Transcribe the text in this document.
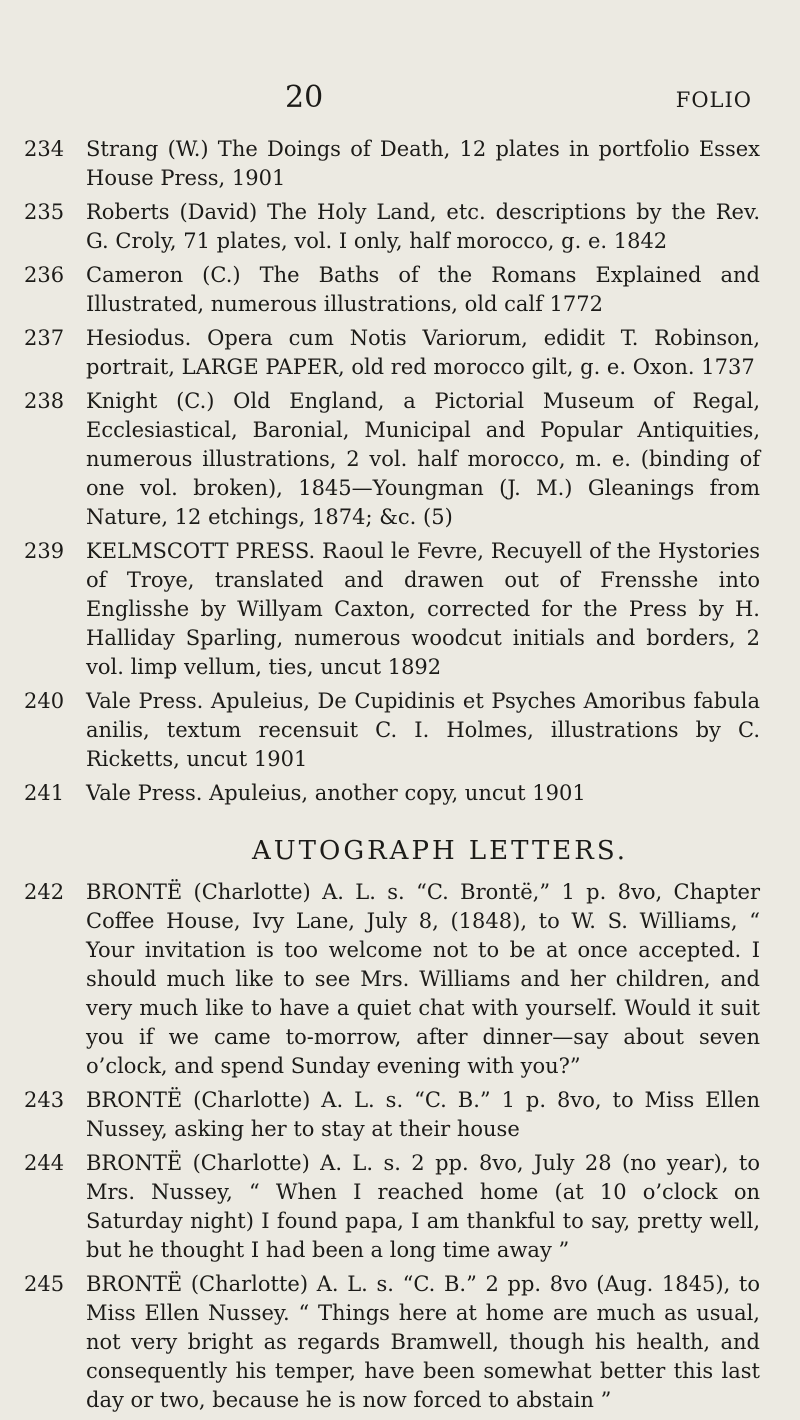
20	FOLIO
234 Strang (W.) The Doings of Death, 12 plates in portfolio Essex House Press, 1901
235 Roberts (David) The Holy Land, etc. descriptions by the Rev. G. Croly, 71 plates, vol. I only, half morocco, g. e. 1842
236 Cameron (C.) The Baths of the Romans Explained and Illustrated, numerous illustrations, old calf 1772
237 Hesiodus. Opera cum Notis Variorum, edidit T. Robinson, portrait, LARGE PAPER, old red morocco gilt, g. e. Oxon. 1737
238 Knight (C.) Old England, a Pictorial Museum of Regal, Ecclesiastical, Baronial, Municipal and Popular Antiquities, numerous illustrations, 2 vol. half morocco, m. e. (binding of one vol. broken), 1845—Youngman (J. M.) Gleanings from Nature, 12 etchings, 1874; &c. (5)
239 KELMSCOTT PRESS. Raoul le Fevre, Recuyell of the Hystories of Troye, translated and drawen out of Frensshe into Englisshe by Willyam Caxton, corrected for the Press by H. Halliday Sparling, numerous woodcut initials and borders, 2 vol. limp vellum, ties, uncut 1892
240 Vale Press. Apuleius, De Cupidinis et Psyches Amoribus fabula anilis, textum recensuit C. I. Holmes, illustrations by C. Ricketts, uncut 1901
241 Vale Press. Apuleius, another copy, uncut 1901
AUTOGRAPH LETTERS.
242 BRONTË (Charlotte) A. L. s. “C. Brontë,” 1 p. 8vo, Chapter Coffee House, Ivy Lane, July 8, (1848), to W. S. Williams, “ Your invitation is too welcome not to be at once accepted. I should much like to see Mrs. Williams and her children, and very much like to have a quiet chat with yourself. Would it suit you if we came to-morrow, after dinner—say about seven o’clock, and spend Sunday evening with you?”
243 BRONTË (Charlotte) A. L. s. “C. B.” 1 p. 8vo, to Miss Ellen Nussey, asking her to stay at their house
244 BRONTË (Charlotte) A. L. s. 2 pp. 8vo, July 28 (no year), to Mrs. Nussey, “ When I reached home (at 10 o’clock on Saturday night) I found papa, I am thankful to say, pretty well, but he thought I had been a long time away ”
245 BRONTË (Charlotte) A. L. s. “C. B.” 2 pp. 8vo (Aug. 1845), to Miss Ellen Nussey. “ Things here at home are much as usual, not very bright as regards Bramwell, though his health, and consequently his temper, have been somewhat better this last day or two, because he is now forced to abstain ”
